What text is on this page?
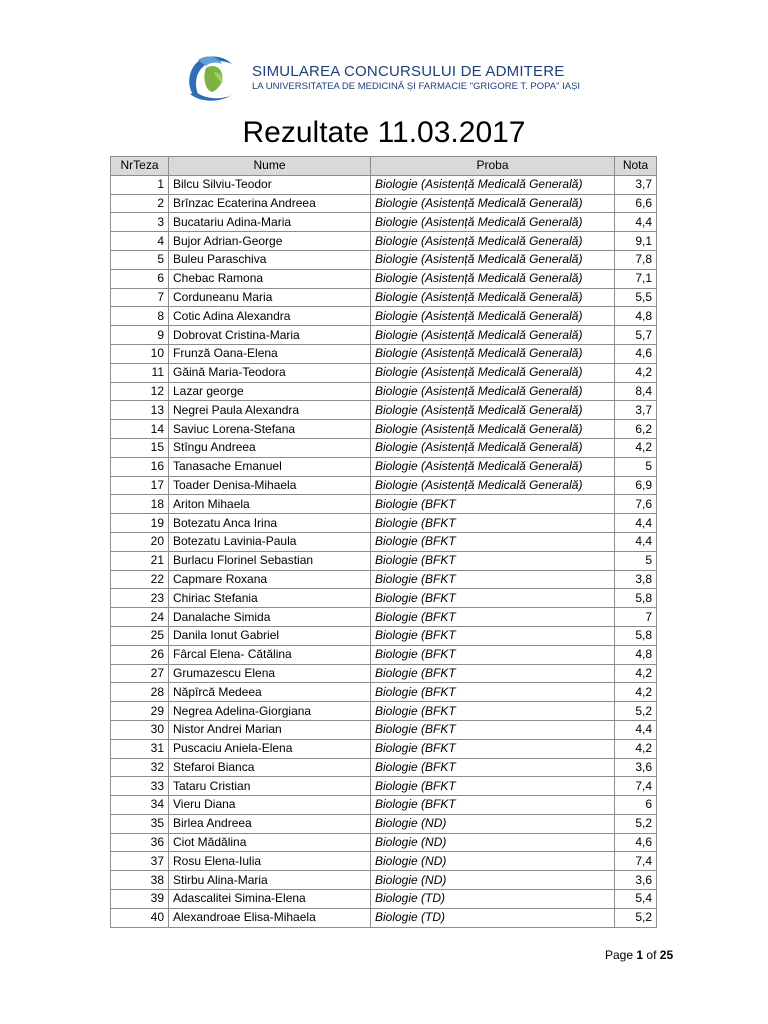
SIMULAREA CONCURSULUI DE ADMITERE
LA UNIVERSITATEA DE MEDICINĂ ȘI FARMACIE "GRIGORE T. POPA" IAȘI
Rezultate 11.03.2017
NrTeza	Nume	Proba	Nota
1	Bilcu Silviu-Teodor	Biologie (Asistență Medicală Generală)	3,7
2	Brînzac Ecaterina Andreea	Biologie (Asistență Medicală Generală)	6,6
3	Bucatariu Adina-Maria	Biologie (Asistență Medicală Generală)	4,4
4	Bujor Adrian-George	Biologie (Asistență Medicală Generală)	9,1
5	Buleu Paraschiva	Biologie (Asistență Medicală Generală)	7,8
6	Chebac Ramona	Biologie (Asistență Medicală Generală)	7,1
7	Corduneanu Maria	Biologie (Asistență Medicală Generală)	5,5
8	Cotic Adina Alexandra	Biologie (Asistență Medicală Generală)	4,8
9	Dobrovat Cristina-Maria	Biologie (Asistență Medicală Generală)	5,7
10	Frunză Oana-Elena	Biologie (Asistență Medicală Generală)	4,6
11	Găină Maria-Teodora	Biologie (Asistență Medicală Generală)	4,2
12	Lazar george	Biologie (Asistență Medicală Generală)	8,4
13	Negrei Paula Alexandra	Biologie (Asistență Medicală Generală)	3,7
14	Saviuc Lorena-Stefana	Biologie (Asistență Medicală Generală)	6,2
15	Stîngu Andreea	Biologie (Asistență Medicală Generală)	4,2
16	Tanasache Emanuel	Biologie (Asistență Medicală Generală)	5
17	Toader Denisa-Mihaela	Biologie (Asistență Medicală Generală)	6,9
18	Ariton Mihaela	Biologie (BFKT	7,6
19	Botezatu Anca Irina	Biologie (BFKT	4,4
20	Botezatu Lavinia-Paula	Biologie (BFKT	4,4
21	Burlacu Florinel Sebastian	Biologie (BFKT	5
22	Capmare Roxana	Biologie (BFKT	3,8
23	Chiriac Stefania	Biologie (BFKT	5,8
24	Danalache Simida	Biologie (BFKT	7
25	Danila Ionut Gabriel	Biologie (BFKT	5,8
26	Fârcal Elena- Cătălina	Biologie (BFKT	4,8
27	Grumazescu Elena	Biologie (BFKT	4,2
28	Năpîrcă Medeea	Biologie (BFKT	4,2
29	Negrea Adelina-Giorgiana	Biologie (BFKT	5,2
30	Nistor Andrei Marian	Biologie (BFKT	4,4
31	Puscaciu Aniela-Elena	Biologie (BFKT	4,2
32	Stefaroi Bianca	Biologie (BFKT	3,6
33	Tataru Cristian	Biologie (BFKT	7,4
34	Vieru Diana	Biologie (BFKT	6
35	Birlea Andreea	Biologie (ND)	5,2
36	Ciot Mădălina	Biologie (ND)	4,6
37	Rosu Elena-Iulia	Biologie (ND)	7,4
38	Stirbu Alina-Maria	Biologie (ND)	3,6
39	Adascalitei Simina-Elena	Biologie (TD)	5,4
40	Alexandroae Elisa-Mihaela	Biologie (TD)	5,2
Page 1 of 25
